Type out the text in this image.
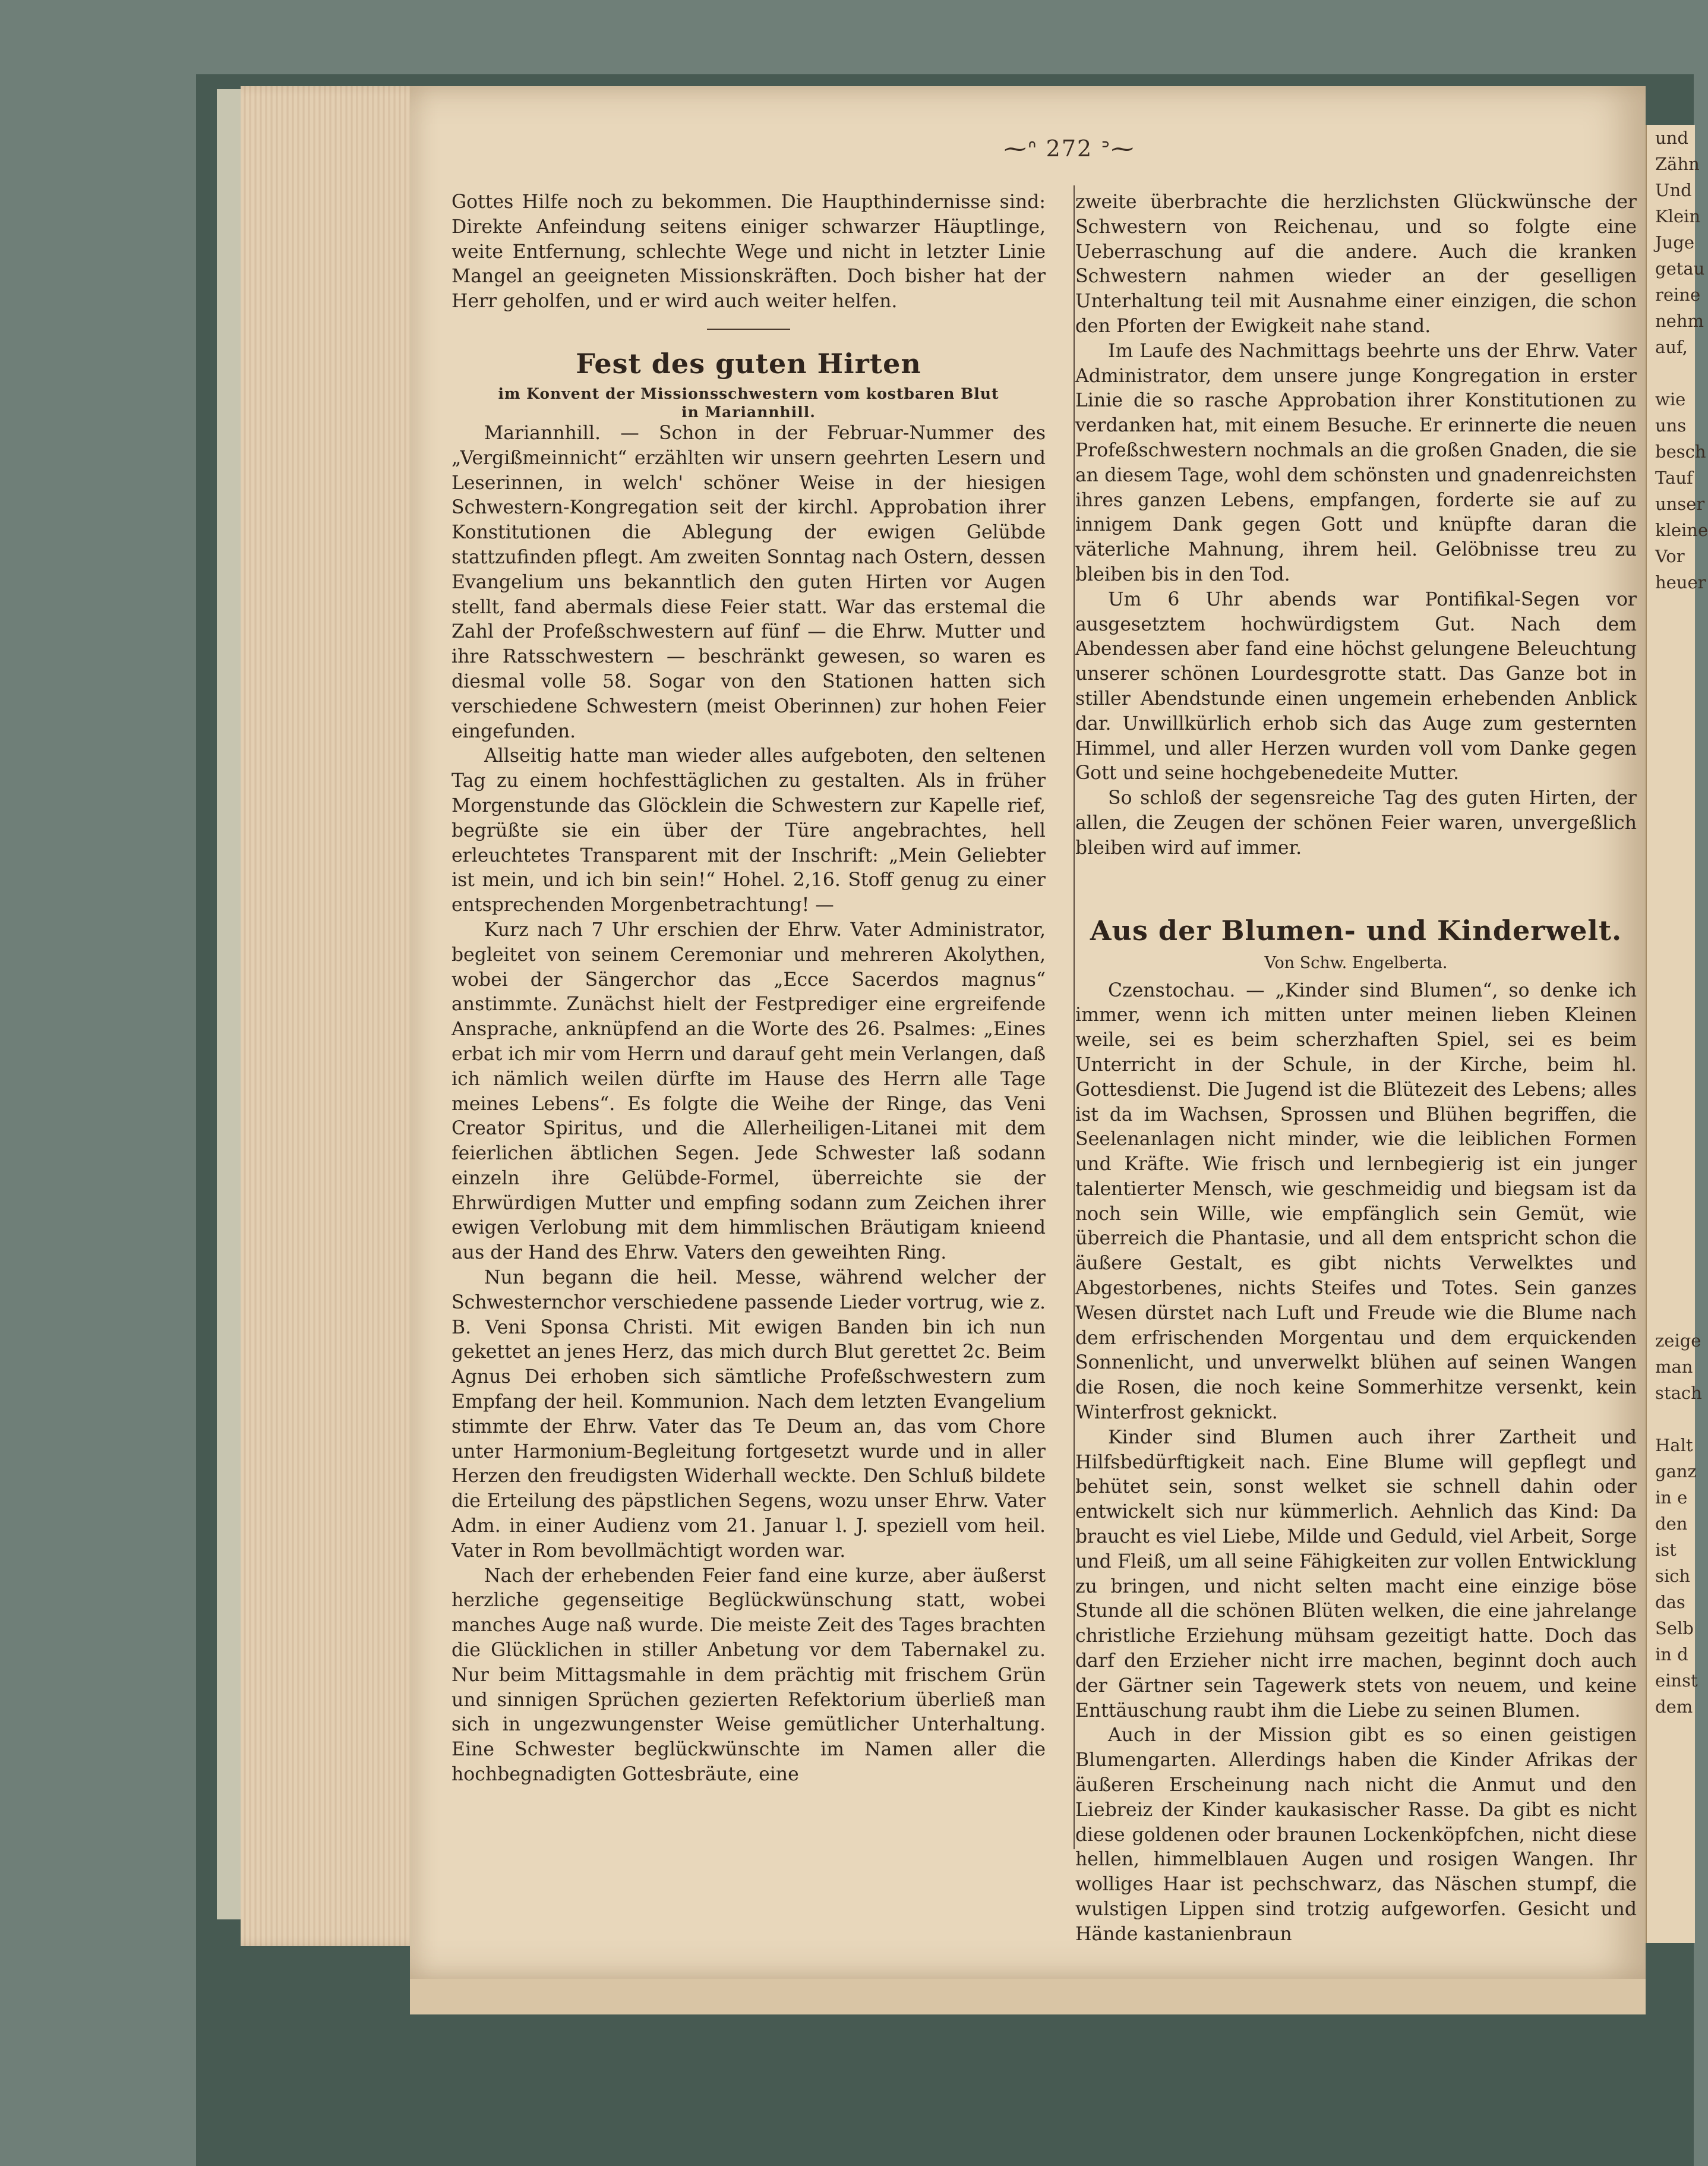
⁓ᐢ 272 ᐣ⁓

Gottes Hilfe noch zu bekommen. Die Haupthindernisse sind: Direkte Anfeindung seitens einiger schwarzer Häuptlinge, weite Entfernung, schlechte Wege und nicht in letzter Linie Mangel an geeigneten Missionskräften. Doch bisher hat der Herr geholfen, und er wird auch weiter helfen.

Fest des guten Hirten
im Konvent der Missionsschwestern vom kostbaren Blut
in Mariannhill.

Mariannhill. — Schon in der Februar-Nummer des „Vergißmeinnicht“ erzählten wir unsern geehrten Lesern und Leserinnen, in welch' schöner Weise in der hiesigen Schwestern-Kongregation seit der kirchl. Approbation ihrer Konstitutionen die Ablegung der ewigen Gelübde stattzufinden pflegt. Am zweiten Sonntag nach Ostern, dessen Evangelium uns bekanntlich den guten Hirten vor Augen stellt, fand abermals diese Feier statt. War das erstemal die Zahl der Profeßschwestern auf fünf — die Ehrw. Mutter und ihre Ratsschwestern — beschränkt gewesen, so waren es diesmal volle 58. Sogar von den Stationen hatten sich verschiedene Schwestern (meist Oberinnen) zur hohen Feier eingefunden.

Allseitig hatte man wieder alles aufgeboten, den seltenen Tag zu einem hochfesttäglichen zu gestalten. Als in früher Morgenstunde das Glöcklein die Schwestern zur Kapelle rief, begrüßte sie ein über der Türe angebrachtes, hell erleuchtetes Transparent mit der Inschrift: „Mein Geliebter ist mein, und ich bin sein!“ Hohel. 2,16. Stoff genug zu einer entsprechenden Morgenbetrachtung! —

Kurz nach 7 Uhr erschien der Ehrw. Vater Administrator, begleitet von seinem Ceremoniar und mehreren Akolythen, wobei der Sängerchor das „Ecce Sacerdos magnus“ anstimmte. Zunächst hielt der Festprediger eine ergreifende Ansprache, anknüpfend an die Worte des 26. Psalmes: „Eines erbat ich mir vom Herrn und darauf geht mein Verlangen, daß ich nämlich weilen dürfte im Hause des Herrn alle Tage meines Lebens“. Es folgte die Weihe der Ringe, das Veni Creator Spiritus, und die Allerheiligen-Litanei mit dem feierlichen äbtlichen Segen. Jede Schwester laß sodann einzeln ihre Gelübde-Formel, überreichte sie der Ehrwürdigen Mutter und empfing sodann zum Zeichen ihrer ewigen Verlobung mit dem himmlischen Bräutigam knieend aus der Hand des Ehrw. Vaters den geweihten Ring.

Nun begann die heil. Messe, während welcher der Schwesternchor verschiedene passende Lieder vortrug, wie z. B. Veni Sponsa Christi. Mit ewigen Banden bin ich nun gekettet an jenes Herz, das mich durch Blut gerettet 2c. Beim Agnus Dei erhoben sich sämtliche Profeßschwestern zum Empfang der heil. Kommunion. Nach dem letzten Evangelium stimmte der Ehrw. Vater das Te Deum an, das vom Chore unter Harmonium-Begleitung fortgesetzt wurde und in aller Herzen den freudigsten Widerhall weckte. Den Schluß bildete die Erteilung des päpstlichen Segens, wozu unser Ehrw. Vater Adm. in einer Audienz vom 21. Januar l. J. speziell vom heil. Vater in Rom bevollmächtigt worden war.

Nach der erhebenden Feier fand eine kurze, aber äußerst herzliche gegenseitige Beglückwünschung statt, wobei manches Auge naß wurde. Die meiste Zeit des Tages brachten die Glücklichen in stiller Anbetung vor dem Tabernakel zu. Nur beim Mittagsmahle in dem prächtig mit frischem Grün und sinnigen Sprüchen gezierten Refektorium überließ man sich in ungezwungenster Weise gemütlicher Unterhaltung. Eine Schwester beglückwünschte im Namen aller die hochbegnadigten Gottesbräute, eine

zweite überbrachte die herzlichsten Glückwünsche der Schwestern von Reichenau, und so folgte eine Ueberraschung auf die andere. Auch die kranken Schwestern nahmen wieder an der geselligen Unterhaltung teil mit Ausnahme einer einzigen, die schon den Pforten der Ewigkeit nahe stand.

Im Laufe des Nachmittags beehrte uns der Ehrw. Vater Administrator, dem unsere junge Kongregation in erster Linie die so rasche Approbation ihrer Konstitutionen zu verdanken hat, mit einem Besuche. Er erinnerte die neuen Profeßschwestern nochmals an die großen Gnaden, die sie an diesem Tage, wohl dem schönsten und gnadenreichsten ihres ganzen Lebens, empfangen, forderte sie auf zu innigem Dank gegen Gott und knüpfte daran die väterliche Mahnung, ihrem heil. Gelöbnisse treu zu bleiben bis in den Tod.

Um 6 Uhr abends war Pontifikal-Segen vor ausgesetztem hochwürdigstem Gut. Nach dem Abendessen aber fand eine höchst gelungene Beleuchtung unserer schönen Lourdesgrotte statt. Das Ganze bot in stiller Abendstunde einen ungemein erhebenden Anblick dar. Unwillkürlich erhob sich das Auge zum gesternten Himmel, und aller Herzen wurden voll vom Danke gegen Gott und seine hochgebenedeite Mutter.

So schloß der segensreiche Tag des guten Hirten, der allen, die Zeugen der schönen Feier waren, unvergeßlich bleiben wird auf immer.

Aus der Blumen- und Kinderwelt.
Von Schw. Engelberta.

Czenstochau. — „Kinder sind Blumen“, so denke ich immer, wenn ich mitten unter meinen lieben Kleinen weile, sei es beim scherzhaften Spiel, sei es beim Unterricht in der Schule, in der Kirche, beim hl. Gottesdienst. Die Jugend ist die Blütezeit des Lebens; alles ist da im Wachsen, Sprossen und Blühen begriffen, die Seelenanlagen nicht minder, wie die leiblichen Formen und Kräfte. Wie frisch und lernbegierig ist ein junger talentierter Mensch, wie geschmeidig und biegsam ist da noch sein Wille, wie empfänglich sein Gemüt, wie überreich die Phantasie, und all dem entspricht schon die äußere Gestalt, es gibt nichts Verwelktes und Abgestorbenes, nichts Steifes und Totes. Sein ganzes Wesen dürstet nach Luft und Freude wie die Blume nach dem erfrischenden Morgentau und dem erquickenden Sonnenlicht, und unverwelkt blühen auf seinen Wangen die Rosen, die noch keine Sommerhitze versenkt, kein Winterfrost geknickt.

Kinder sind Blumen auch ihrer Zartheit und Hilfsbedürftigkeit nach. Eine Blume will gepflegt und behütet sein, sonst welket sie schnell dahin oder entwickelt sich nur kümmerlich. Aehnlich das Kind: Da braucht es viel Liebe, Milde und Geduld, viel Arbeit, Sorge und Fleiß, um all seine Fähigkeiten zur vollen Entwicklung zu bringen, und nicht selten macht eine einzige böse Stunde all die schönen Blüten welken, die eine jahrelange christliche Erziehung mühsam gezeitigt hatte. Doch das darf den Erzieher nicht irre machen, beginnt doch auch der Gärtner sein Tagewerk stets von neuem, und keine Enttäuschung raubt ihm die Liebe zu seinen Blumen.

Auch in der Mission gibt es so einen geistigen Blumengarten. Allerdings haben die Kinder Afrikas der äußeren Erscheinung nach nicht die Anmut und den Liebreiz der Kinder kaukasischer Rasse. Da gibt es nicht diese goldenen oder braunen Lockenköpfchen, nicht diese hellen, himmelblauen Augen und rosigen Wangen. Ihr wolliges Haar ist pechschwarz, das Näschen stumpf, die wulstigen Lippen sind trotzig aufgeworfen. Gesicht und Hände kastanienbraun

und
Zähn
Und
Klein
Juge
getau
reine
nehm
auf,

wie
uns
besch
Tauf
unser
kleine
Vor
heuer

zeige
man
stach

Halt
ganz
in e
den
ist
sich
das
Selb
in d
einst
dem
